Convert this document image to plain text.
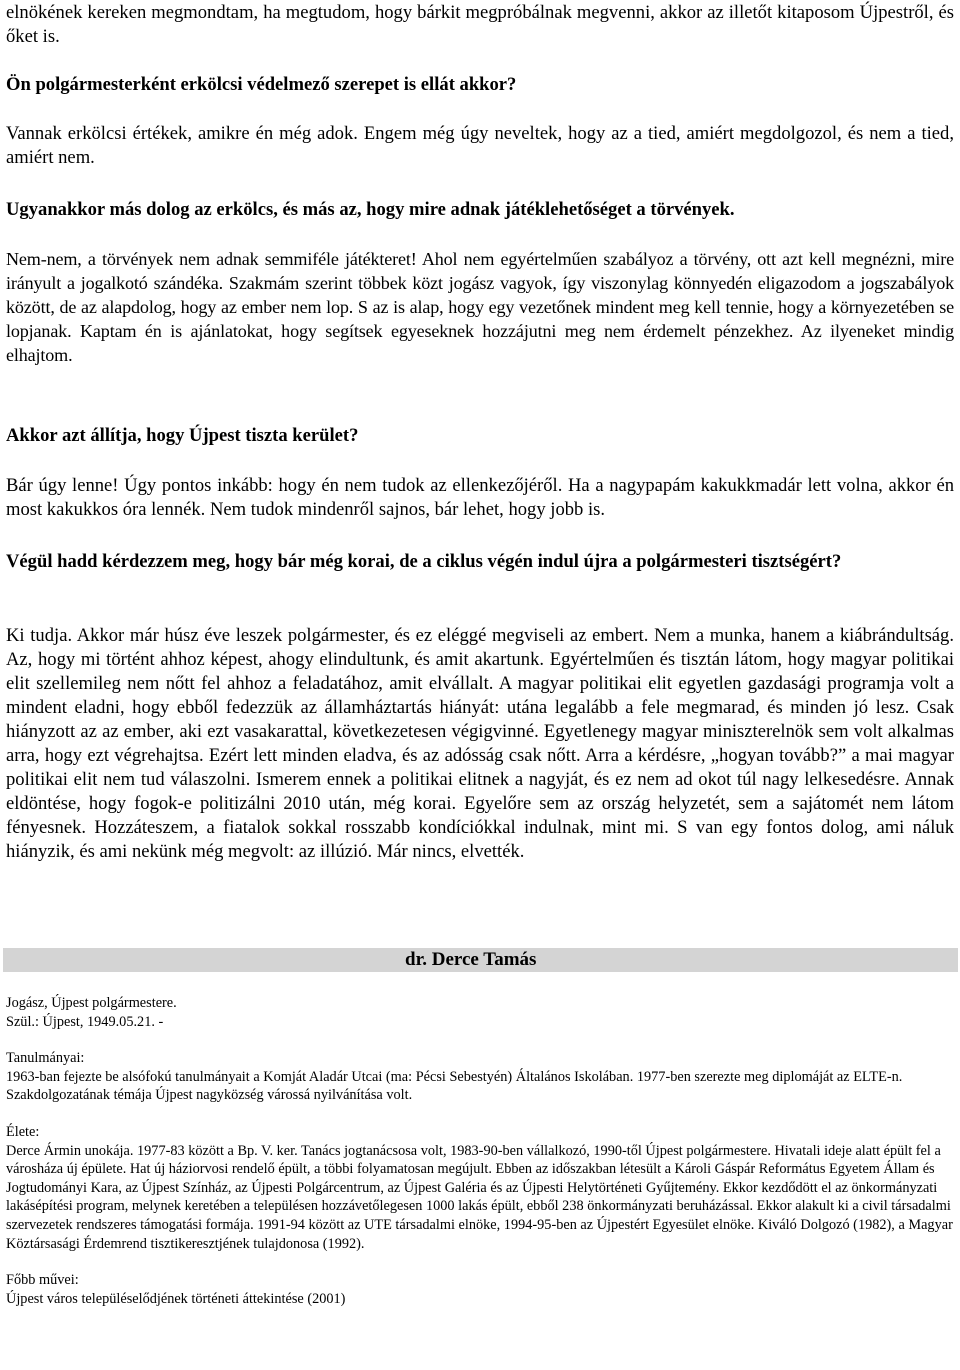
elnökének kereken megmondtam, ha megtudom, hogy bárkit megpróbálnak megvenni, akkor az illetőt kitaposom Újpestről, és őket is.

Ön polgármesterként erkölcsi védelmező szerepet is ellát akkor?

Vannak erkölcsi értékek, amikre én még adok. Engem még úgy neveltek, hogy az a tied, amiért megdolgozol, és nem a tied, amiért nem.

Ugyanakkor más dolog az erkölcs, és más az, hogy mire adnak játéklehetőséget a törvények.

Nem-nem, a törvények nem adnak semmiféle játékteret! Ahol nem egyértelműen szabályoz a törvény, ott azt kell megnézni, mire irányult a jogalkotó szándéka. Szakmám szerint többek közt jogász vagyok, így viszonylag könnyedén eligazodom a jogszabályok között, de az alapdolog, hogy az ember nem lop. S az is alap, hogy egy vezetőnek mindent meg kell tennie, hogy a környezetében se lopjanak. Kaptam én is ajánlatokat, hogy segítsek egyeseknek hozzájutni meg nem érdemelt pénzekhez. Az ilyeneket mindig elhajtom.

Akkor azt állítja, hogy Újpest tiszta kerület?

Bár úgy lenne! Úgy pontos inkább: hogy én nem tudok az ellenkezőjéről. Ha a nagypapám kakukkmadár lett volna, akkor én most kakukkos óra lennék. Nem tudok mindenről sajnos, bár lehet, hogy jobb is.

Végül hadd kérdezzem meg, hogy bár még korai, de a ciklus végén indul újra a polgármesteri tisztségért?

Ki tudja. Akkor már húsz éve leszek polgármester, és ez eléggé megviseli az embert. Nem a munka, hanem a kiábrándultság. Az, hogy mi történt ahhoz képest, ahogy elindultunk, és amit akartunk. Egyértelműen és tisztán látom, hogy magyar politikai elit szellemileg nem nőtt fel ahhoz a feladatához, amit elvállalt. A magyar politikai elit egyetlen gazdasági programja volt a mindent eladni, hogy ebből fedezzük az államháztartás hiányát: utána legalább a fele megmarad, és minden jó lesz. Csak hiányzott az az ember, aki ezt vasakarattal, következetesen végigvinné. Egyetlenegy magyar miniszterelnök sem volt alkalmas arra, hogy ezt végrehajtsa. Ezért lett minden eladva, és az adósság csak nőtt. Arra a kérdésre, „hogyan tovább?” a mai magyar politikai elit nem tud válaszolni. Ismerem ennek a politikai elitnek a nagyját, és ez nem ad okot túl nagy lelkesedésre. Annak eldöntése, hogy fogok-e politizálni 2010 után, még korai. Egyelőre sem az ország helyzetét, sem a sajátomét nem látom fényesnek. Hozzáteszem, a fiatalok sokkal rosszabb kondíciókkal indulnak, mint mi. S van egy fontos dolog, ami náluk hiányzik, és ami nekünk még megvolt: az illúzió. Már nincs, elvették.

dr. Derce Tamás
Jogász, Újpest polgármestere.
Szül.: Újpest, 1949.05.21. -
Tanulmányai:
1963-ban fejezte be alsófokú tanulmányait a Komját Aladár Utcai (ma: Pécsi Sebestyén) Általános Iskolában. 1977-ben szerezte meg diplomáját az ELTE-n. Szakdolgozatának témája Újpest nagyközség várossá nyilvánítása volt.
Élete:
Derce Ármin unokája. 1977-83 között a Bp. V. ker. Tanács jogtanácsosa volt, 1983-90-ben vállalkozó, 1990-től Újpest polgármestere. Hivatali ideje alatt épült fel a városháza új épülete. Hat új háziorvosi rendelő épült, a többi folyamatosan megújult. Ebben az időszakban létesült a Károli Gáspár Református Egyetem Állam és Jogtudományi Kara, az Újpest Színház, az Újpesti Polgárcentrum, az Újpest Galéria és az Újpesti Helytörténeti Gyűjtemény. Ekkor kezdődött el az önkormányzati lakásépítési program, melynek keretében a településen hozzávetőlegesen 1000 lakás épült, ebből 238 önkormányzati beruházással. Ekkor alakult ki a civil társadalmi szervezetek rendszeres támogatási formája. 1991-94 között az UTE társadalmi elnöke, 1994-95-ben az Újpestért Egyesület elnöke. Kiváló Dolgozó (1982), a Magyar Köztársasági Érdemrend tisztikeresztjének tulajdonosa (1992).
Főbb művei:
Újpest város településelődjének történeti áttekintése (2001)
